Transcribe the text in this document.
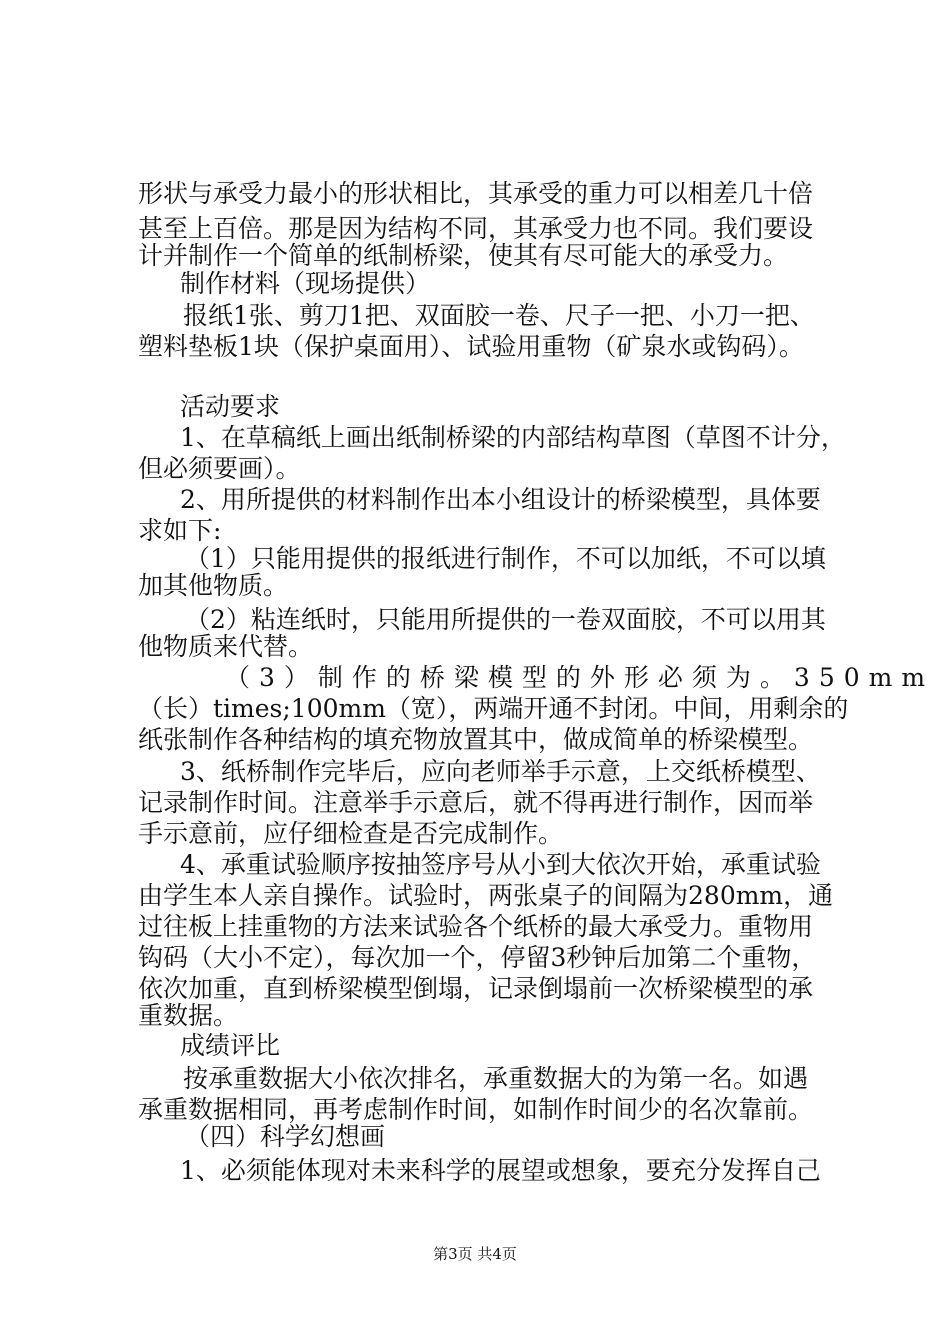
形状与承受力最小的形状相比，其承受的重力可以相差几十倍
甚至上百倍。那是因为结构不同，其承受力也不同。我们要设
计并制作一个简单的纸制桥梁，使其有尽可能大的承受力。
制作材料（现场提供）
报纸1张、剪刀1把、双面胶一卷、尺子一把、小刀一把、
塑料垫板1块（保护桌面用）、试验用重物（矿泉水或钩码）。
活动要求
1、在草稿纸上画出纸制桥梁的内部结构草图（草图不计分，
但必须要画）。
2、用所提供的材料制作出本小组设计的桥梁模型，具体要
求如下:
（1）只能用提供的报纸进行制作，不可以加纸，不可以填
加其他物质。
（2）粘连纸时，只能用所提供的一卷双面胶，不可以用其
他物质来代替。
（3）制作的桥梁模型的外形必须为。350mm
（长）times;100mm（宽），两端开通不封闭。中间，用剩余的
纸张制作各种结构的填充物放置其中，做成简单的桥梁模型。
3、纸桥制作完毕后，应向老师举手示意，上交纸桥模型、
记录制作时间。注意举手示意后，就不得再进行制作，因而举
手示意前，应仔细检查是否完成制作。
4、承重试验顺序按抽签序号从小到大依次开始，承重试验
由学生本人亲自操作。试验时，两张桌子的间隔为280mm，通
过往板上挂重物的方法来试验各个纸桥的最大承受力。重物用
钩码（大小不定），每次加一个，停留3秒钟后加第二个重物，
依次加重，直到桥梁模型倒塌，记录倒塌前一次桥梁模型的承
重数据。
成绩评比
按承重数据大小依次排名，承重数据大的为第一名。如遇
承重数据相同，再考虑制作时间，如制作时间少的名次靠前。
（四）科学幻想画
1、必须能体现对未来科学的展望或想象，要充分发挥自己
第3页 共4页
